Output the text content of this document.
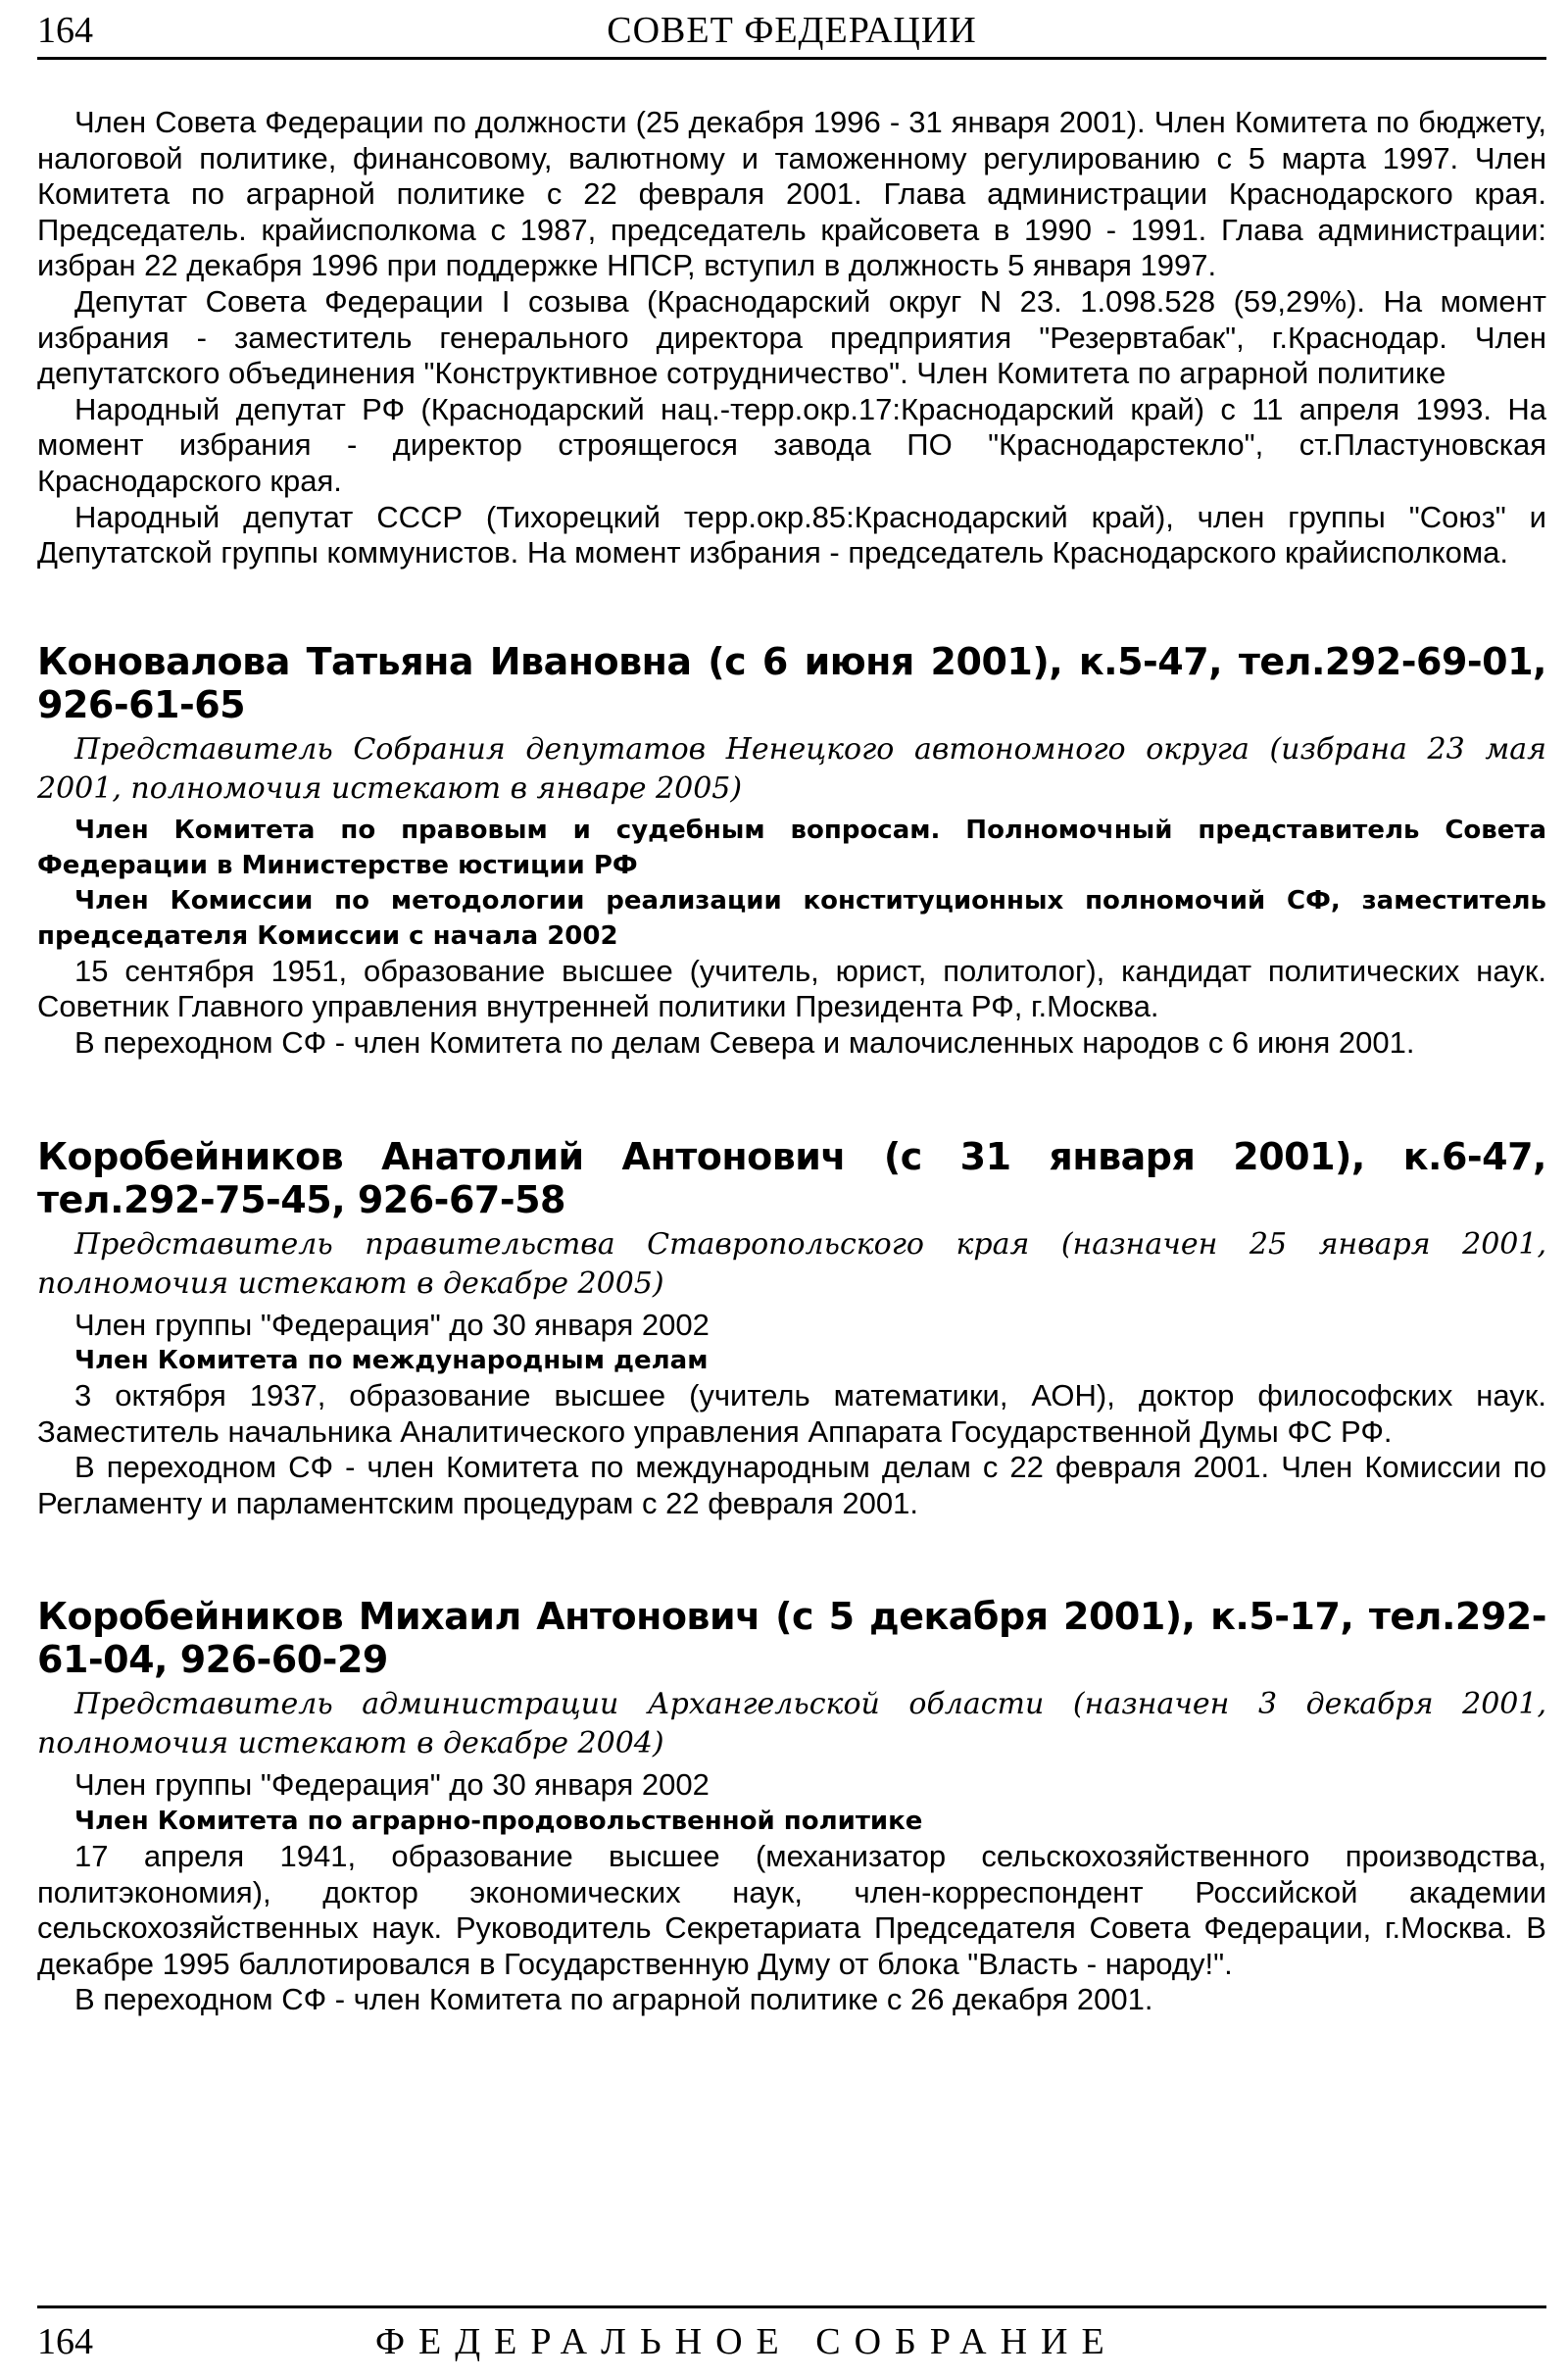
164	СОВЕТ ФЕДЕРАЦИИ

Член Совета Федерации по должности (25 декабря 1996 - 31 января 2001). Член Комитета по бюджету, налоговой политике, финансовому, валютному и таможенному регулированию с 5 марта 1997. Член Комитета по аграрной политике с 22 февраля 2001. Глава администрации Краснодарского края. Председатель. крайисполкома с 1987, председатель крайсовета в 1990 - 1991. Глава администрации: избран 22 декабря 1996 при поддержке НПСР, вступил в должность 5 января 1997.

Депутат Совета Федерации I созыва (Краснодарский округ N 23. 1.098.528 (59,29%). На момент избрания - заместитель генерального директора предприятия "Резервтабак", г.Краснодар. Член депутатского объединения "Конструктивное сотрудничество". Член Комитета по аграрной политике

Народный депутат РФ (Краснодарский нац.-терр.окр.17:Краснодарский край) с 11 апреля 1993. На момент избрания - директор строящегося завода ПО "Краснодарстекло", ст.Пластуновская Краснодарского края.

Народный депутат СССР (Тихорецкий терр.окр.85:Краснодарский край), член группы "Союз" и Депутатской группы коммунистов. На момент избрания - председатель Краснодарского крайисполкома.

Коновалова Татьяна Ивановна (с 6 июня 2001), к.5-47, тел.292-69-01, 926-61-65

Представитель Собрания депутатов Ненецкого автономного округа (избрана 23 мая 2001, полномочия истекают в январе 2005)

Член Комитета по правовым и судебным вопросам. Полномочный представитель Совета Федерации в Министерстве юстиции РФ

Член Комиссии по методологии реализации конституционных полномочий СФ, заместитель председателя Комиссии с начала 2002

15 сентября 1951, образование высшее (учитель, юрист, политолог), кандидат политических наук. Советник Главного управления внутренней политики Президента РФ, г.Москва.

В переходном СФ - член Комитета по делам Севера и малочисленных народов с 6 июня 2001.

Коробейников Анатолий Антонович (с 31 января 2001), к.6-47, тел.292-75-45, 926-67-58

Представитель правительства Ставропольского края (назначен 25 января 2001, полномочия истекают в декабре 2005)

Член группы "Федерация" до 30 января 2002

Член Комитета по международным делам

3 октября 1937, образование высшее (учитель математики, АОН), доктор философских наук. Заместитель начальника Аналитического управления Аппарата Государственной Думы ФС РФ.

В переходном СФ - член Комитета по международным делам с 22 февраля 2001. Член Комиссии по Регламенту и парламентским процедурам с 22 февраля 2001.

Коробейников Михаил Антонович (с 5 декабря 2001), к.5-17, тел.292-61-04, 926-60-29

Представитель администрации Архангельской области (назначен 3 декабря 2001, полномочия истекают в декабре 2004)

Член группы "Федерация" до 30 января 2002

Член Комитета по аграрно-продовольственной политике

17 апреля 1941, образование высшее (механизатор сельскохозяйственного производства, политэкономия), доктор экономических наук, член-корреспондент Российской академии сельскохозяйственных наук. Руководитель Секретариата Председателя Совета Федерации, г.Москва. В декабре 1995 баллотировался в Государственную Думу от блока "Власть - народу!".

В переходном СФ - член Комитета по аграрной политике с 26 декабря 2001.

164	ФЕДЕРАЛЬНОЕ СОБРАНИЕ
